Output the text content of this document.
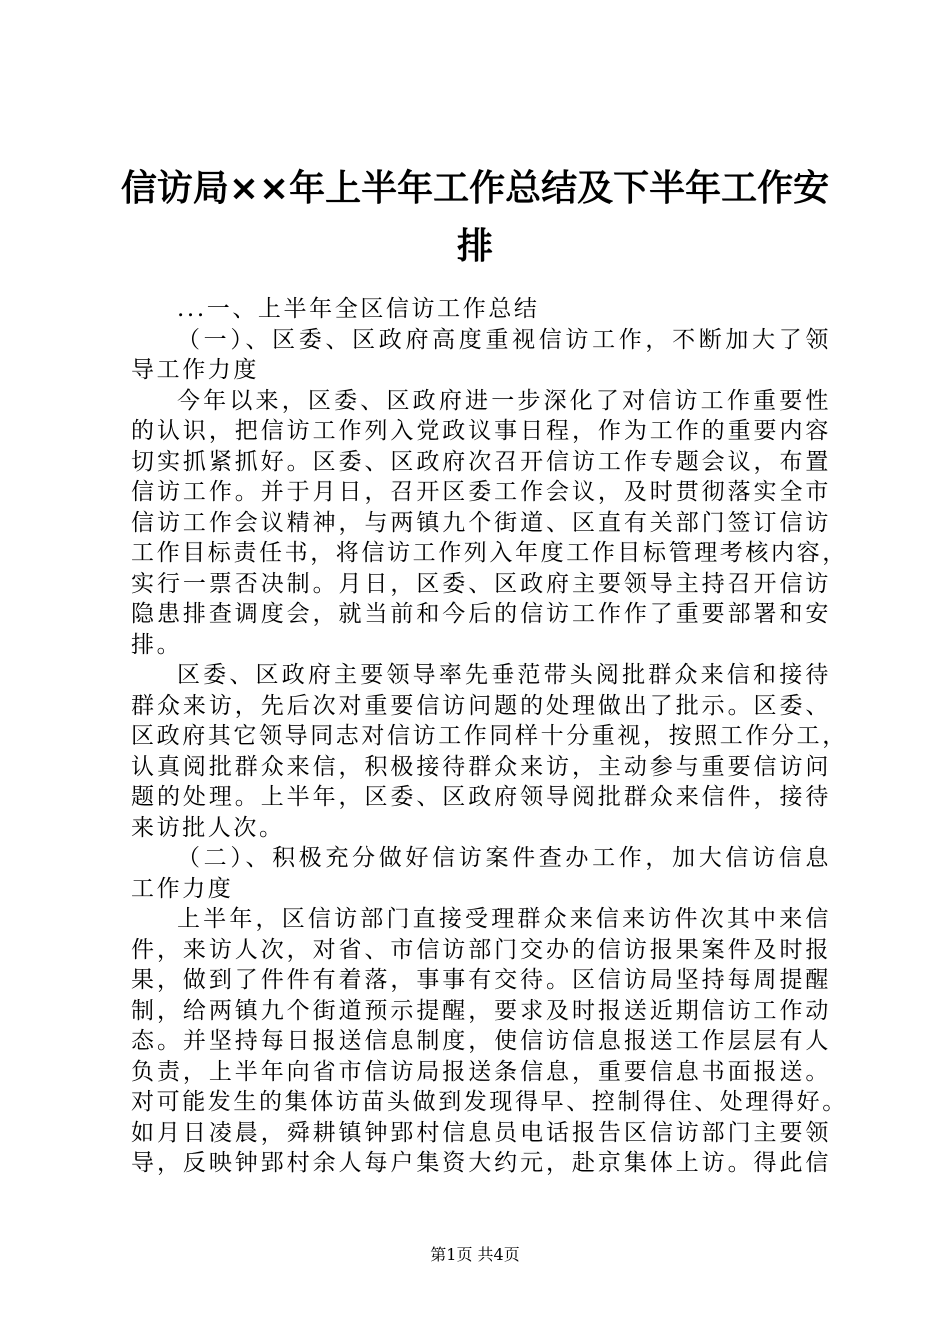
信访局××年上半年工作总结及下半年工作安
排
...一、上半年全区信访工作总结
（一）、区委、区政府高度重视信访工作，不断加大了领
导工作力度
今年以来，区委、区政府进一步深化了对信访工作重要性
的认识，把信访工作列入党政议事日程，作为工作的重要内容
切实抓紧抓好。区委、区政府次召开信访工作专题会议，布置
信访工作。并于月日，召开区委工作会议，及时贯彻落实全市
信访工作会议精神，与两镇九个街道、区直有关部门签订信访
工作目标责任书，将信访工作列入年度工作目标管理考核内容，
实行一票否决制。月日，区委、区政府主要领导主持召开信访
隐患排查调度会，就当前和今后的信访工作作了重要部署和安
排。
区委、区政府主要领导率先垂范带头阅批群众来信和接待
群众来访，先后次对重要信访问题的处理做出了批示。区委、
区政府其它领导同志对信访工作同样十分重视，按照工作分工，
认真阅批群众来信，积极接待群众来访，主动参与重要信访问
题的处理。上半年，区委、区政府领导阅批群众来信件，接待
来访批人次。
（二）、积极充分做好信访案件查办工作，加大信访信息
工作力度
上半年，区信访部门直接受理群众来信来访件次其中来信
件，来访人次，对省、市信访部门交办的信访报果案件及时报
果，做到了件件有着落，事事有交待。区信访局坚持每周提醒
制，给两镇九个街道预示提醒，要求及时报送近期信访工作动
态。并坚持每日报送信息制度，使信访信息报送工作层层有人
负责，上半年向省市信访局报送条信息，重要信息书面报送。
对可能发生的集体访苗头做到发现得早、控制得住、处理得好。
如月日凌晨，舜耕镇钟郢村信息员电话报告区信访部门主要领
导，反映钟郢村余人每户集资大约元，赴京集体上访。得此信
第1页 共4页
